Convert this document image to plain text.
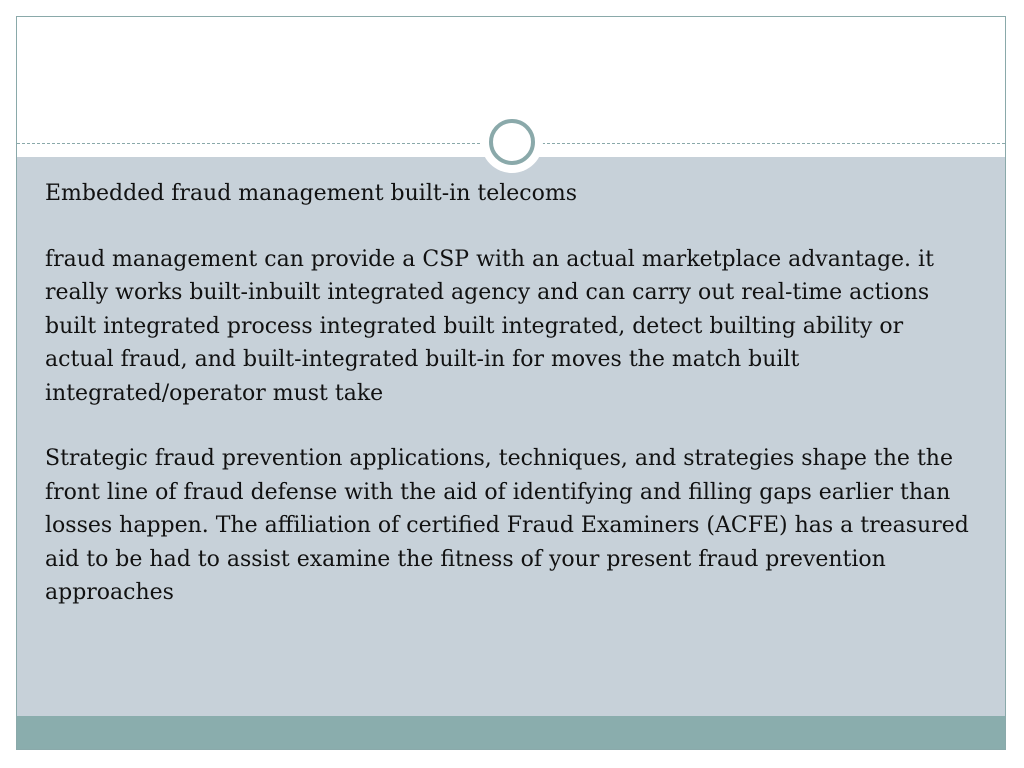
Embedded fraud management built-in telecoms

fraud management can provide a CSP with an actual marketplace advantage. it really works built-inbuilt integrated agency and can carry out real-time actions built integrated process integrated built integrated, detect builting ability or actual fraud, and built-integrated built-in for moves the match built integrated/operator must take

Strategic fraud prevention applications, techniques, and strategies shape the the front line of fraud defense with the aid of identifying and filling gaps earlier than losses happen. The affiliation of certified Fraud Examiners (ACFE) has a treasured aid to be had to assist examine the fitness of your present fraud prevention approaches
